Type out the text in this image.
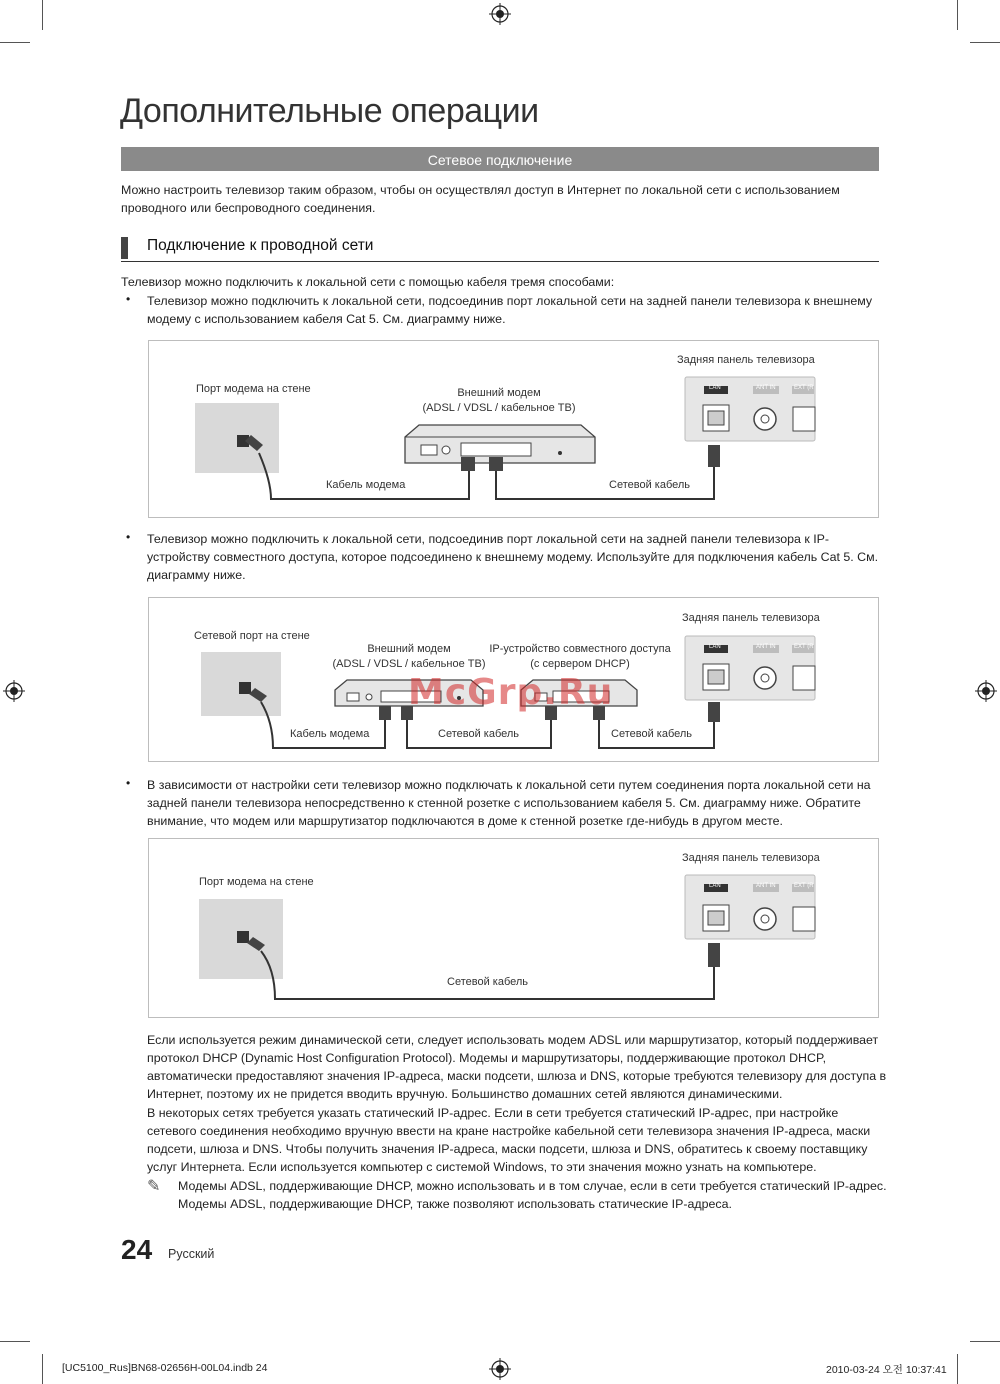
Дополнительные операции
Сетевое подключение
Можно настроить телевизор таким образом, чтобы он осуществлял доступ в Интернет по локальной сети с использованием
проводного или беспроводного соединения.
Подключение к проводной сети
Телевизор можно подключить к локальной сети с помощью кабеля тремя способами:
• Телевизор можно подключить к локальной сети, подсоединив порт локальной сети на задней панели телевизора к внешнему
модему с использованием кабеля Cat 5. См. диаграмму ниже.
Порт модема на стене	Внешний модем
(ADSL / VDSL / кабельное ТВ)
Задняя панель телевизора
Кабель модема	Сетевой кабель
LAN	ANT IN	EXT (R
• Телевизор можно подключить к локальной сети, подсоединив порт локальной сети на задней панели телевизора к IP-
устройству совместного доступа, которое подсоединено к внешнему модему. Используйте для подключения кабель Cat 5. См.
диаграмму ниже.
Сетевой порт на стене
Внешний модем
(ADSL / VDSL / кабельное ТВ)
IP-устройство совместного доступа
(с сервером DHCP)
Задняя панель телевизора
Кабель модема	Сетевой кабель	Сетевой кабель
LAN	ANT IN	EXT (R
• В зависимости от настройки сети телевизор можно подключать к локальной сети путем соединения порта локальной сети на
задней панели телевизора непосредственно к стенной розетке с использованием кабеля 5. См. диаграмму ниже. Обратите
внимание, что модем или маршрутизатор подключаются в доме к стенной розетке где-нибудь в другом месте.
Порт модема на стене
Задняя панель телевизора
Сетевой кабель
LAN	ANT IN	EXT (R
McGrp.Ru
Если используется режим динамической сети, следует использовать модем ADSL или маршрутизатор, который поддерживает
протокол DHCP (Dynamic Host Configuration Protocol). Модемы и маршрутизаторы, поддерживающие протокол DHCP,
автоматически предоставляют значения IP-адреса, маски подсети, шлюза и DNS, которые требуются телевизору для доступа в
Интернет, поэтому их не придется вводить вручную. Большинство домашних сетей являются динамическими.
В некоторых сетях требуется указать статический IP-адрес. Если в сети требуется статический IP-адрес, при настройке
сетевого соединения необходимо вручную ввести на кране настройке кабельной сети телевизора значения IP-адреса, маски
подсети, шлюза и DNS. Чтобы получить значения IP-адреса, маски подсети, шлюза и DNS, обратитесь к своему поставщику
услуг Интернета. Если используется компьютер с системой Windows, то эти значения можно узнать на компьютере.
✎ Модемы ADSL, поддерживающие DHCP, можно использовать и в том случае, если в сети требуется статический IP-адрес.
Модемы ADSL, поддерживающие DHCP, также позволяют использовать статические IP-адреса.
24 Русский
[UC5100_Rus]BN68-02656H-00L04.indb 24	2010-03-24 오전 10:37:41
